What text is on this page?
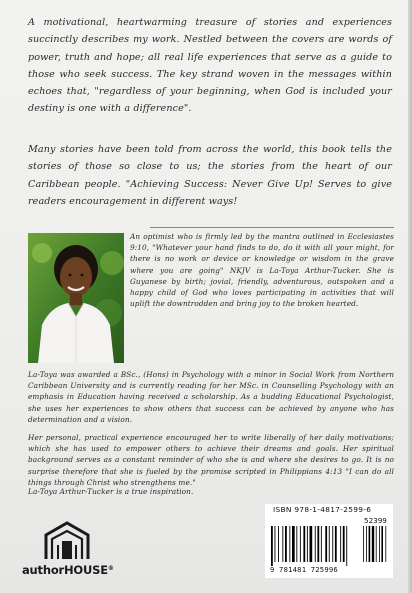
A motivational, heartwarming treasure of stories and experiences succinctly describes my work. Nestled between the covers are words of power, truth and hope; all real life experiences that serve as a guide to those who seek success. The key strand woven in the messages within echoes that, "regardless of your beginning, when God is included your destiny is one with a difference".
Many stories have been told from across the world, this book tells the stories of those so close to us; the stories from the heart of our Caribbean people. "Achieving Success: Never Give Up! Serves to give readers encouragement in different ways!
An optimist who is firmly led by the mantra outlined in Ecclesiastes 9:10, "Whatever your hand finds to do, do it with all your might, for there is no work or device or knowledge or wisdom in the grave where you are going" NKJV is La-Toya Arthur-Tucker. She is Guyanese by birth; jovial, friendly, adventurous, outspoken and a happy child of God who loves participating in activities that will uplift the downtrodden and bring joy to the broken hearted.
La-Toya was awarded a BSc., (Hons) in Psychology with a minor in Social Work from Northern Caribbean University and is currently reading for her MSc. in Counselling Psychology with an emphasis in Education having received a scholarship. As a budding Educational Psychologist, she uses her experiences to show others that success can be achieved by anyone who has determination and a vision.
Her personal, practical experience encouraged her to write liberally of her daily motivations; which she has used to empower others to achieve their dreams and goals. Her spiritual background serves as a constant reminder of who she is and where she desires to go. It is no surprise therefore that she is fueled by the promise scripted in Philippians 4:13 "I can do all things through Christ who strengthens me."
La-Toya Arthur-Tucker is a true inspiration.
authorHOUSE®
ISBN 978-1-4817-2599-6
52399
9 781481 725996
